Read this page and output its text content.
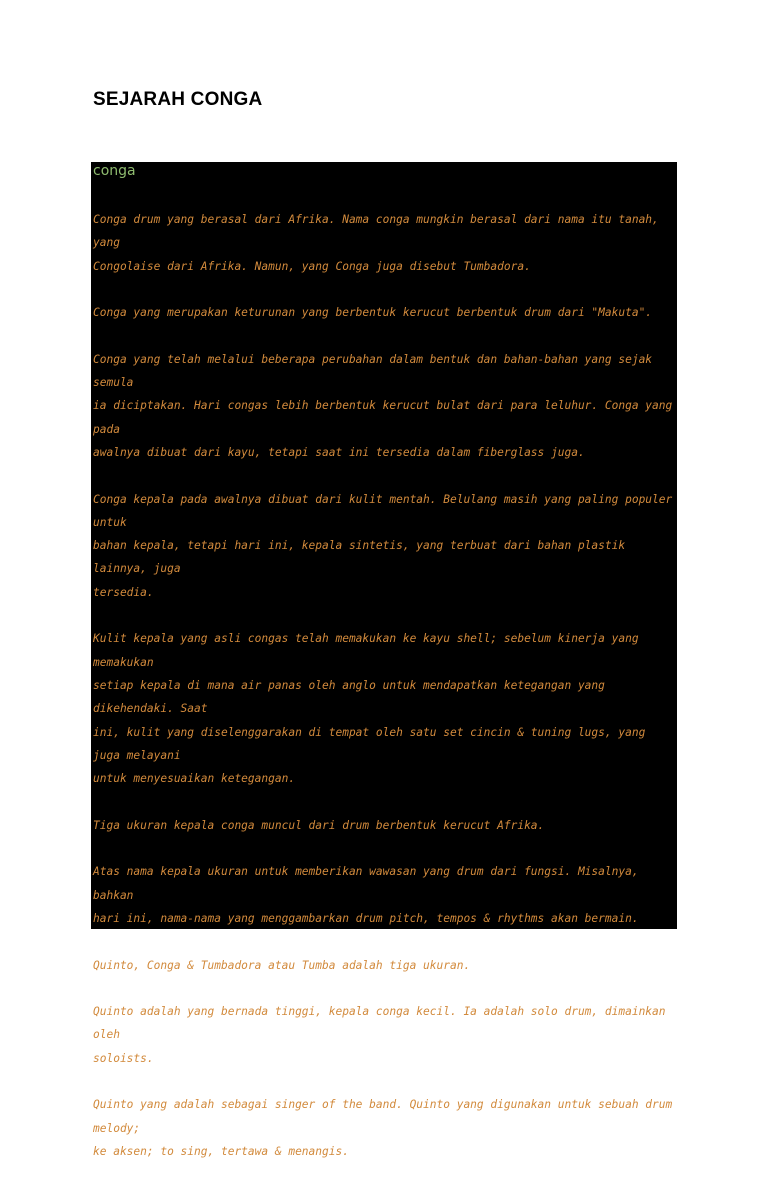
SEJARAH CONGA
conga

Conga drum yang berasal dari Afrika. Nama conga mungkin berasal dari nama itu tanah, yang
Congolaise dari Afrika. Namun, yang Conga juga disebut Tumbadora.

Conga yang merupakan keturunan yang berbentuk kerucut berbentuk drum dari "Makuta".

Conga yang telah melalui beberapa perubahan dalam bentuk dan bahan-bahan yang sejak semula
ia diciptakan. Hari congas lebih berbentuk kerucut bulat dari para leluhur. Conga yang pada
awalnya dibuat dari kayu, tetapi saat ini tersedia dalam fiberglass juga.

Conga kepala pada awalnya dibuat dari kulit mentah. Belulang masih yang paling populer untuk
bahan kepala, tetapi hari ini, kepala sintetis, yang terbuat dari bahan plastik lainnya, juga
tersedia.

Kulit kepala yang asli congas telah memakukan ke kayu shell; sebelum kinerja yang memakukan
setiap kepala di mana air panas oleh anglo untuk mendapatkan ketegangan yang dikehendaki. Saat
ini, kulit yang diselenggarakan di tempat oleh satu set cincin & tuning lugs, yang juga melayani
untuk menyesuaikan ketegangan.

Tiga ukuran kepala conga muncul dari drum berbentuk kerucut Afrika.

Atas nama kepala ukuran untuk memberikan wawasan yang drum dari fungsi. Misalnya, bahkan
hari ini, nama-nama yang menggambarkan drum pitch, tempos & rhythms akan bermain.

Quinto, Conga & Tumbadora atau Tumba adalah tiga ukuran.

Quinto adalah yang bernada tinggi, kepala conga kecil. Ia adalah solo drum, dimainkan oleh
soloists.

Quinto yang adalah sebagai singer of the band. Quinto yang digunakan untuk sebuah drum melody;
ke aksen; to sing, tertawa & menangis.
